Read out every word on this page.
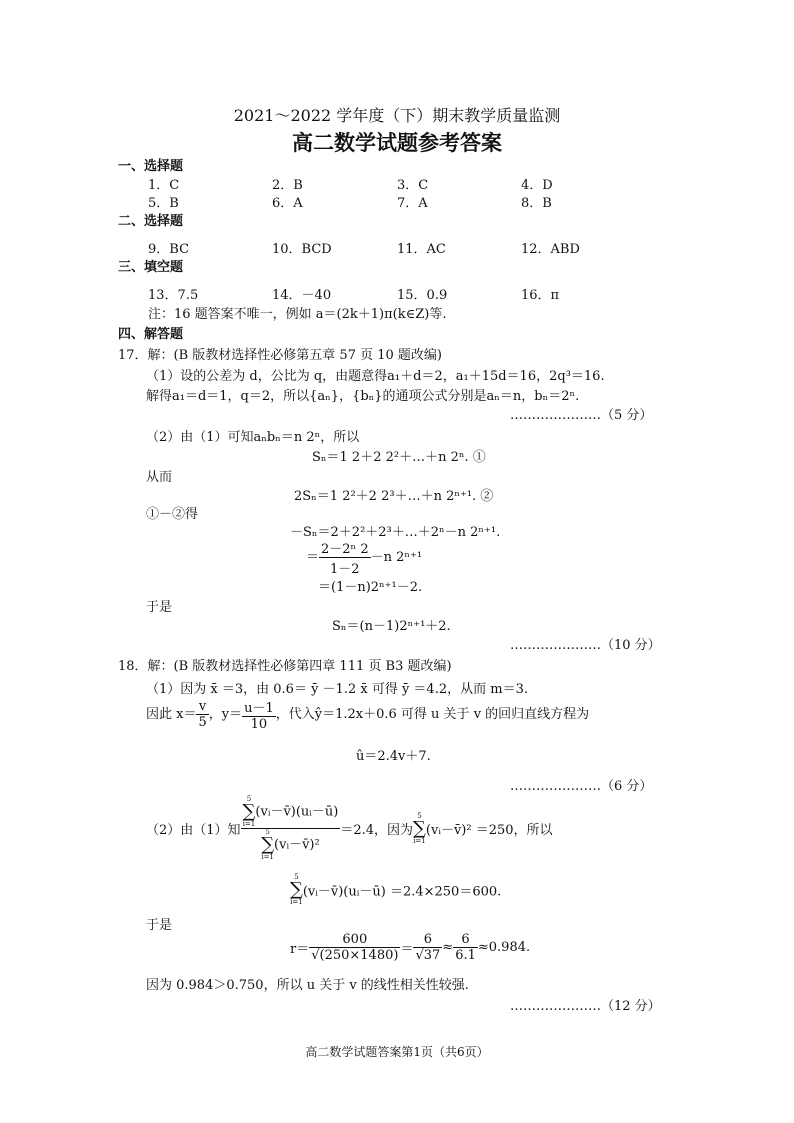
2021～2022 学年度（下）期末教学质量监测
高二数学试题参考答案
一、选择题
1．C	2．B	3．C	4．D
5．B	6．A	7．A	8．B
二、选择题
9．BC	10．BCD	11．AC	12．ABD
三、填空题
13．7.5	14．－40	15．0.9	16．π
注：16 题答案不唯一，例如 a＝(2k＋1)π(k∈Z)等.
四、解答题
17．解：(B 版教材选择性必修第五章 57 页 10 题改编)
（1）设的公差为 d，公比为 q，由题意得a₁＋d＝2，a₁＋15d＝16，2q³＝16.
解得a₁＝d＝1，q＝2，所以{aₙ}，{bₙ}的通项公式分别是aₙ＝n，bₙ＝2ⁿ.
…………………（5 分）
（2）由（1）可知aₙbₙ＝n 2ⁿ，所以
Sₙ＝1 2＋2 2²＋…＋n 2ⁿ. ①
从而
2Sₙ＝1 2²＋2 2³＋…＋n 2ⁿ⁺¹. ②
①－②得
－Sₙ＝2＋2²＋2³＋…＋2ⁿ－n 2ⁿ⁺¹.
＝ $\frac{\text{2－2ⁿ 2}}{1-2} -n$ 2ⁿ⁺¹
＝(1－n)2ⁿ⁺¹－2.
于是
Sₙ＝(n－1)2ⁿ⁺¹＋2.
…………………（10 分）
18．解：(B 版教材选择性必修第四章 111 页 B3 题改编)
（1）因为 x̄ ＝3，由 0.6＝ ȳ －1.2 x̄ 可得 ȳ ＝4.2，从而 m＝3.
因此 $x= \frac{v}{5}$ ，$y= \frac{u-1}{10}$ ，代入ŷ＝1.2x＋0.6 可得 u 关于 v 的回归直线方程为
û＝2.4v＋7.
…………………（6 分）
（2）由（1）知 5
∑
i=1
(vᵢ－v̄)(uᵢ－ū)
5
∑
i=1
(vᵢ－v̄)² ＝2.4，因为
5
∑
i=1
(vᵢ－v̄)² ＝250，所以
5
∑
i=1
(vᵢ－v̄)(uᵢ－ū) ＝2.4×250＝600.
于是
$r= \frac{600}{√(250\times 1480)} = \frac{6}{√37} \approx \frac{6}{6.1} \approx 0.984$.
因为 0.984＞0.750，所以 u 关于 v 的线性相关性较强.
…………………（12 分）
高二数学试题答案第1页（共6页）
